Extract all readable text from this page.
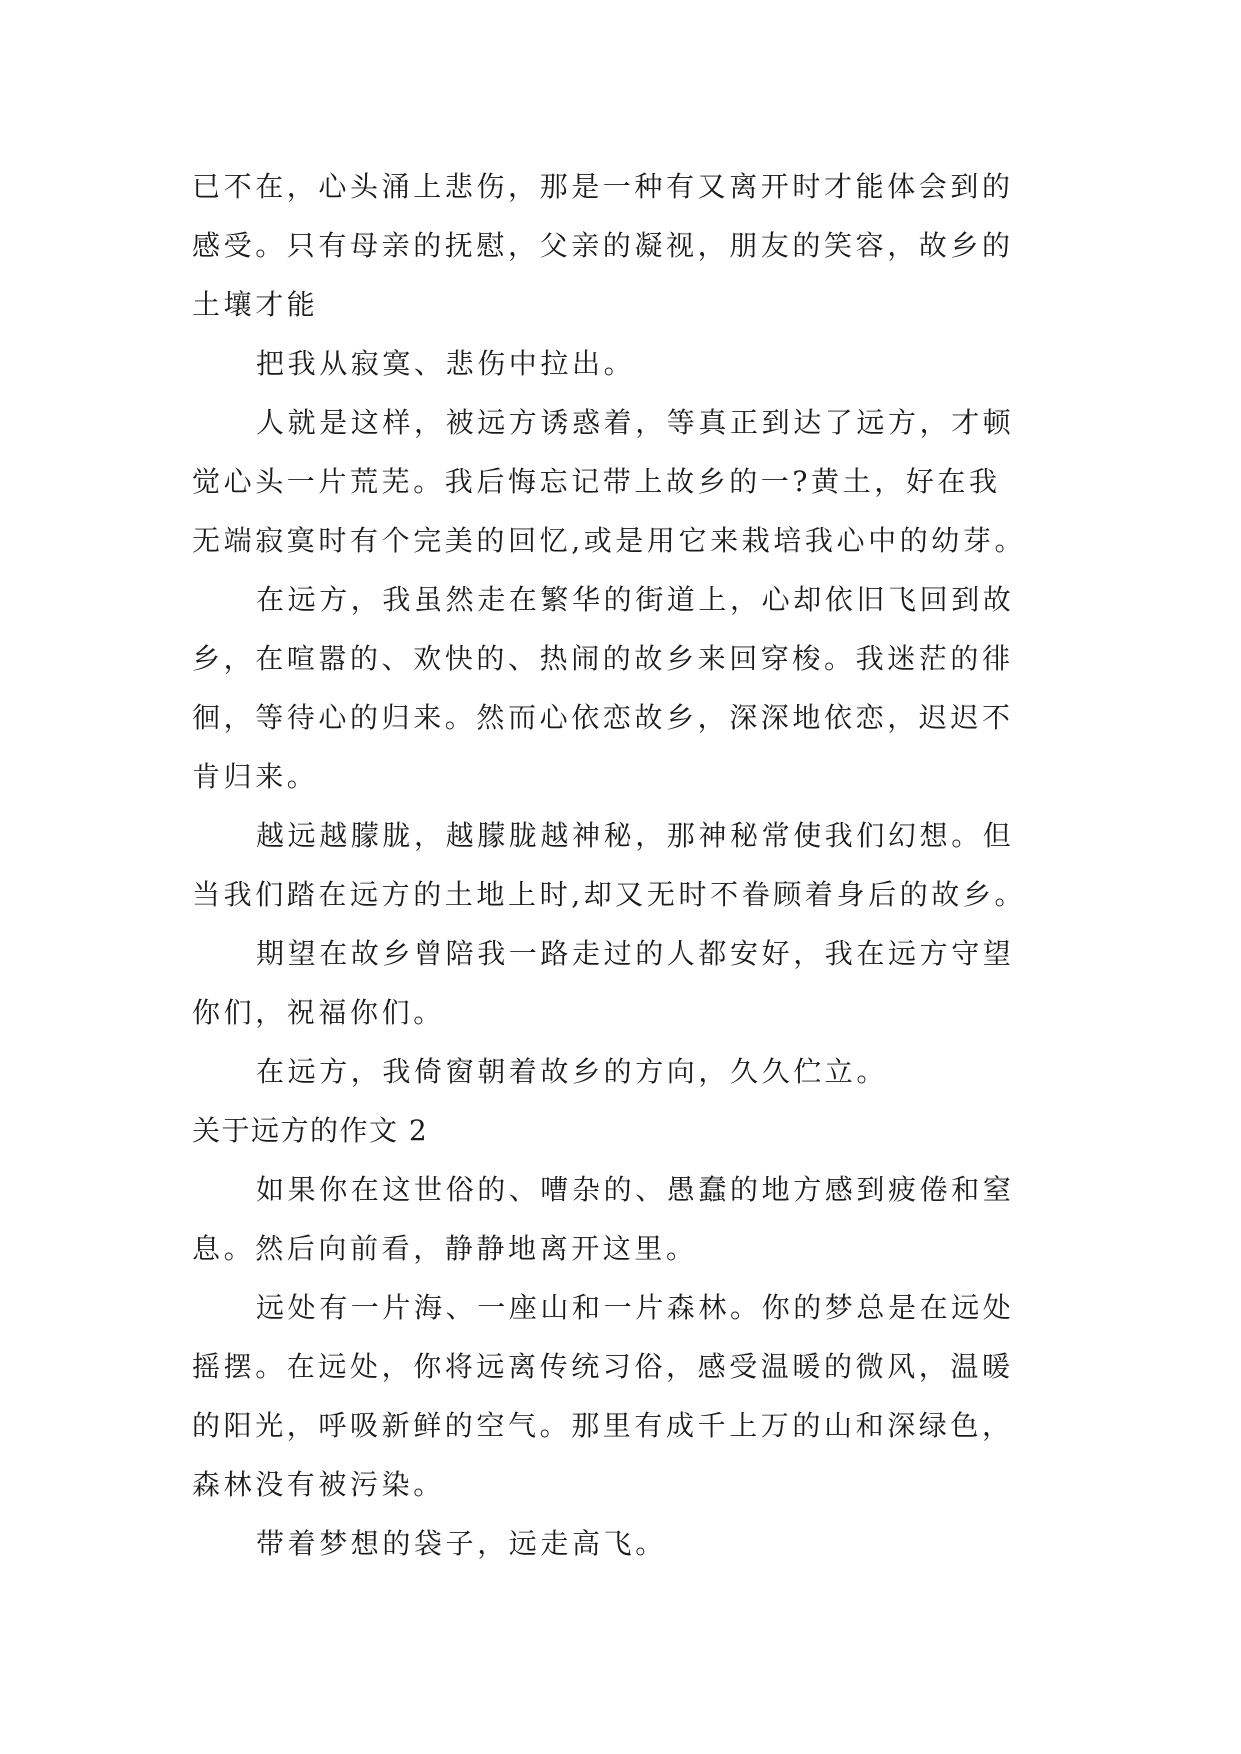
已不在，心头涌上悲伤，那是一种有又离开时才能体会到的
感受。只有母亲的抚慰，父亲的凝视，朋友的笑容，故乡的
土壤才能
把我从寂寞、悲伤中拉出。
人就是这样，被远方诱惑着，等真正到达了远方，才顿
觉心头一片荒芜。我后悔忘记带上故乡的一?黄土，好在我
无端寂寞时有个完美的回忆,或是用它来栽培我心中的幼芽。
在远方，我虽然走在繁华的街道上，心却依旧飞回到故
乡，在喧嚣的、欢快的、热闹的故乡来回穿梭。我迷茫的徘
徊，等待心的归来。然而心依恋故乡，深深地依恋，迟迟不
肯归来。
越远越朦胧，越朦胧越神秘，那神秘常使我们幻想。但
当我们踏在远方的土地上时,却又无时不眷顾着身后的故乡。
期望在故乡曾陪我一路走过的人都安好，我在远方守望
你们，祝福你们。
在远方，我倚窗朝着故乡的方向，久久伫立。
关于远方的作文 2
如果你在这世俗的、嘈杂的、愚蠢的地方感到疲倦和窒
息。然后向前看，静静地离开这里。
远处有一片海、一座山和一片森林。你的梦总是在远处
摇摆。在远处，你将远离传统习俗，感受温暖的微风，温暖
的阳光，呼吸新鲜的空气。那里有成千上万的山和深绿色，
森林没有被污染。
带着梦想的袋子，远走高飞。
